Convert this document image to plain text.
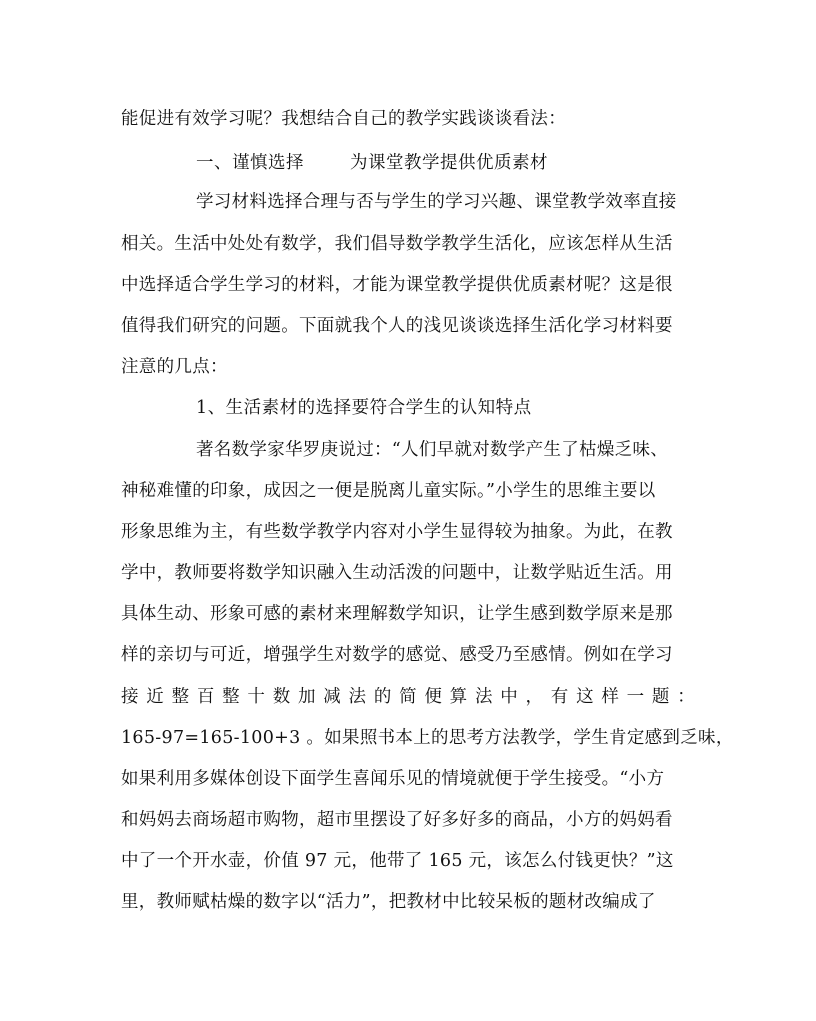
能促进有效学习呢？我想结合自己的教学实践谈谈看法：
一、谨慎选择	为课堂教学提供优质素材
学习材料选择合理与否与学生的学习兴趣、课堂教学效率直接
相关。生活中处处有数学，我们倡导数学教学生活化，应该怎样从生活
中选择适合学生学习的材料，才能为课堂教学提供优质素材呢？这是很
值得我们研究的问题。下面就我个人的浅见谈谈选择生活化学习材料要
注意的几点：
1、生活素材的选择要符合学生的认知特点
著名数学家华罗庚说过：“人们早就对数学产生了枯燥乏味、
神秘难懂的印象，成因之一便是脱离儿童实际。”小学生的思维主要以
形象思维为主，有些数学教学内容对小学生显得较为抽象。为此，在教
学中，教师要将数学知识融入生动活泼的问题中，让数学贴近生活。用
具体生动、形象可感的素材来理解数学知识，让学生感到数学原来是那
样的亲切与可近，增强学生对数学的感觉、感受乃至感情。例如在学习
接 近 整 百 整 十 数 加 减 法 的 简 便 算 法 中 ， 有 这 样 一 题 ：
165-97=165-100+3 。如果照书本上的思考方法教学，学生肯定感到乏味，
如果利用多媒体创设下面学生喜闻乐见的情境就便于学生接受。“小方
和妈妈去商场超市购物，超市里摆设了好多好多的商品，小方的妈妈看
中了一个开水壶，价值 97 元，他带了 165 元，该怎么付钱更快？”这
里，教师赋枯燥的数字以“活力”，把教材中比较呆板的题材改编成了
